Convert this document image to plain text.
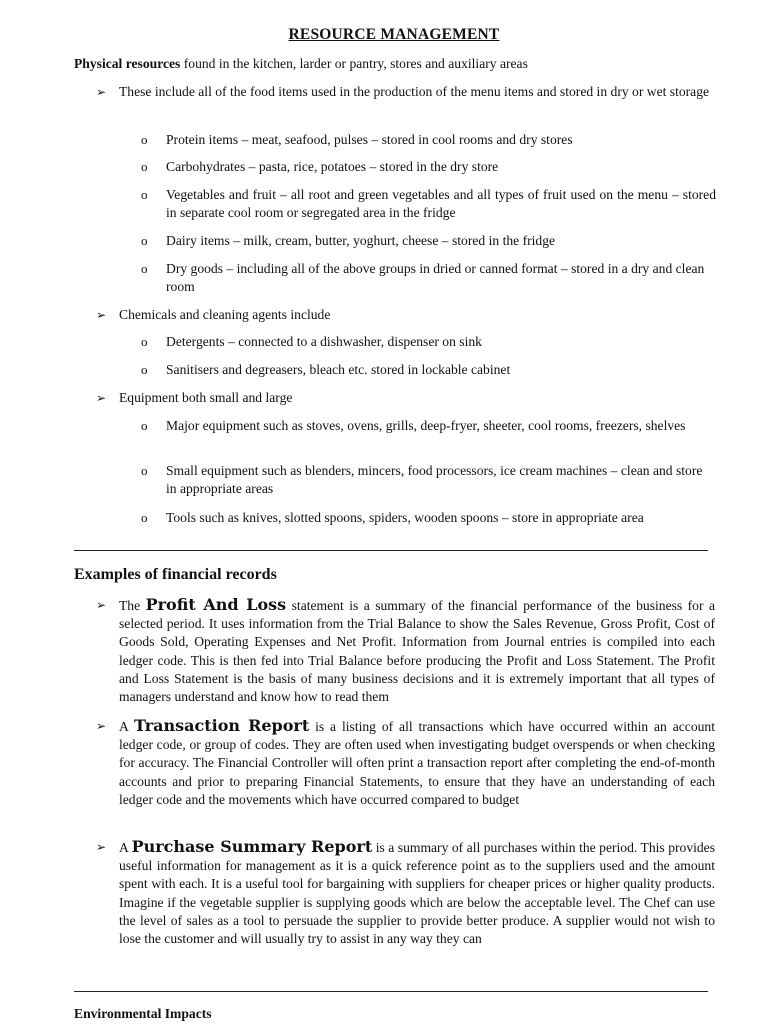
RESOURCE MANAGEMENT
Physical resources found in the kitchen, larder or pantry, stores and auxiliary areas
➢ These include all of the food items used in the production of the menu items and stored in dry or wet storage
o Protein items – meat, seafood, pulses – stored in cool rooms and dry stores
o Carbohydrates – pasta, rice, potatoes – stored in the dry store
o Vegetables and fruit – all root and green vegetables and all types of fruit used on the menu – stored in separate cool room or segregated area in the fridge
o Dairy items – milk, cream, butter, yoghurt, cheese – stored in the fridge
o Dry goods – including all of the above groups in dried or canned format – stored in a dry and clean room
➢ Chemicals and cleaning agents include
o Detergents – connected to a dishwasher, dispenser on sink
o Sanitisers and degreasers, bleach etc. stored in lockable cabinet
➢ Equipment both small and large
o Major equipment such as stoves, ovens, grills, deep-fryer, sheeter, cool rooms, freezers, shelves
o Small equipment such as blenders, mincers, food processors, ice cream machines – clean and store in appropriate areas
o Tools such as knives, slotted spoons, spiders, wooden spoons – store in appropriate area
Examples of financial records
➢ The Profit And Loss statement is a summary of the financial performance of the business for a selected period. It uses information from the Trial Balance to show the Sales Revenue, Gross Profit, Cost of Goods Sold, Operating Expenses and Net Profit. Information from Journal entries is compiled into each ledger code. This is then fed into Trial Balance before producing the Profit and Loss Statement. The Profit and Loss Statement is the basis of many business decisions and it is extremely important that all types of managers understand and know how to read them
➢ A Transaction Report is a listing of all transactions which have occurred within an account ledger code, or group of codes. They are often used when investigating budget overspends or when checking for accuracy. The Financial Controller will often print a transaction report after completing the end-of-month accounts and prior to preparing Financial Statements, to ensure that they have an understanding of each ledger code and the movements which have occurred compared to budget
➢ A Purchase Summary Report is a summary of all purchases within the period. This provides useful information for management as it is a quick reference point as to the suppliers used and the amount spent with each. It is a useful tool for bargaining with suppliers for cheaper prices or higher quality products. Imagine if the vegetable supplier is supplying goods which are below the acceptable level. The Chef can use the level of sales as a tool to persuade the supplier to provide better produce. A supplier would not wish to lose the customer and will usually try to assist in any way they can
Environmental Impacts
